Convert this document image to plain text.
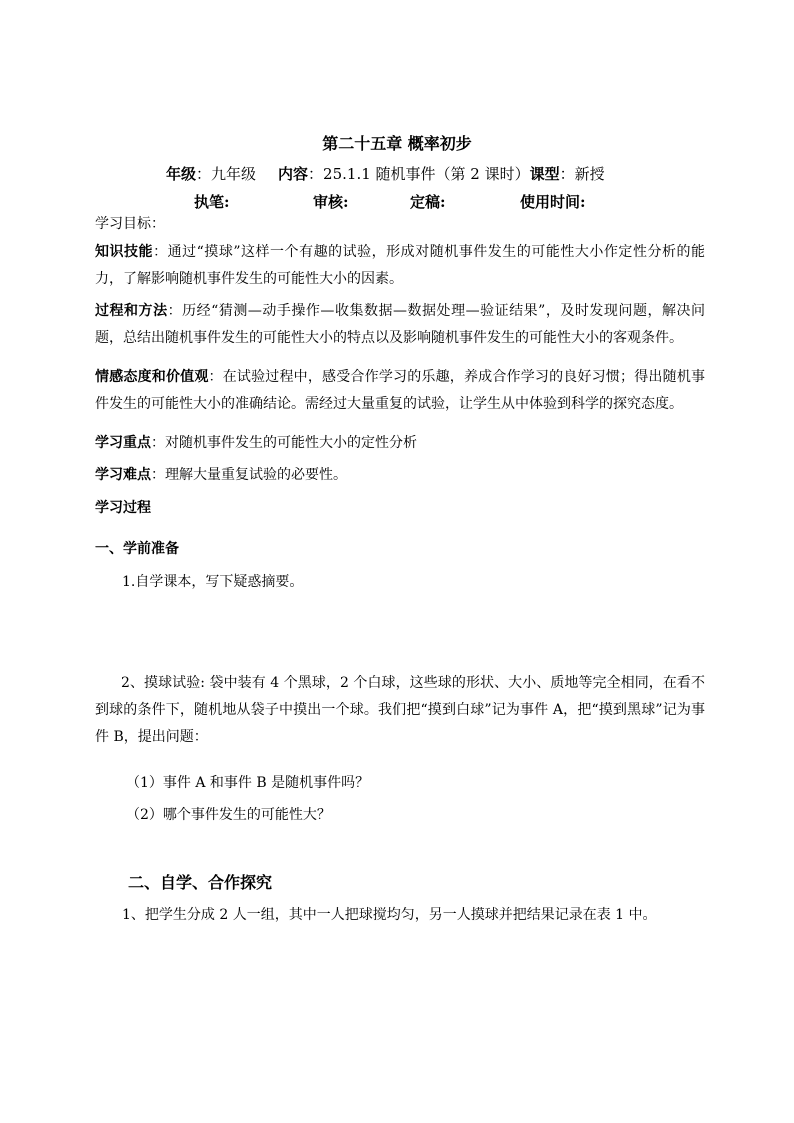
第二十五章 概率初步
年级：九年级 内容：25.1.1 随机事件（第 2 课时）课型：新授
执笔:	审核:	定稿:	使用时间:
学习目标：
知识技能：通过“摸球”这样一个有趣的试验，形成对随机事件发生的可能性大小作定性分析的能力，了解影响随机事件发生的可能性大小的因素。
过程和方法：历经“猜测—动手操作—收集数据—数据处理—验证结果”，及时发现问题，解决问题，总结出随机事件发生的可能性大小的特点以及影响随机事件发生的可能性大小的客观条件。
情感态度和价值观：在试验过程中，感受合作学习的乐趣，养成合作学习的良好习惯；得出随机事件发生的可能性大小的准确结论。需经过大量重复的试验，让学生从中体验到科学的探究态度。
学习重点：对随机事件发生的可能性大小的定性分析
学习难点：理解大量重复试验的必要性。
学习过程
一、学前准备
1.自学课本，写下疑惑摘要。
2、摸球试验: 袋中装有 4 个黑球，2 个白球，这些球的形状、大小、质地等完全相同，在看不到球的条件下，随机地从袋子中摸出一个球。我们把“摸到白球”记为事件 A，把“摸到黑球”记为事件 B，提出问题：
（1）事件 A 和事件 B 是随机事件吗？
（2）哪个事件发生的可能性大？
二、自学、合作探究
1、把学生分成 2 人一组，其中一人把球搅均匀，另一人摸球并把结果记录在表 1 中。
